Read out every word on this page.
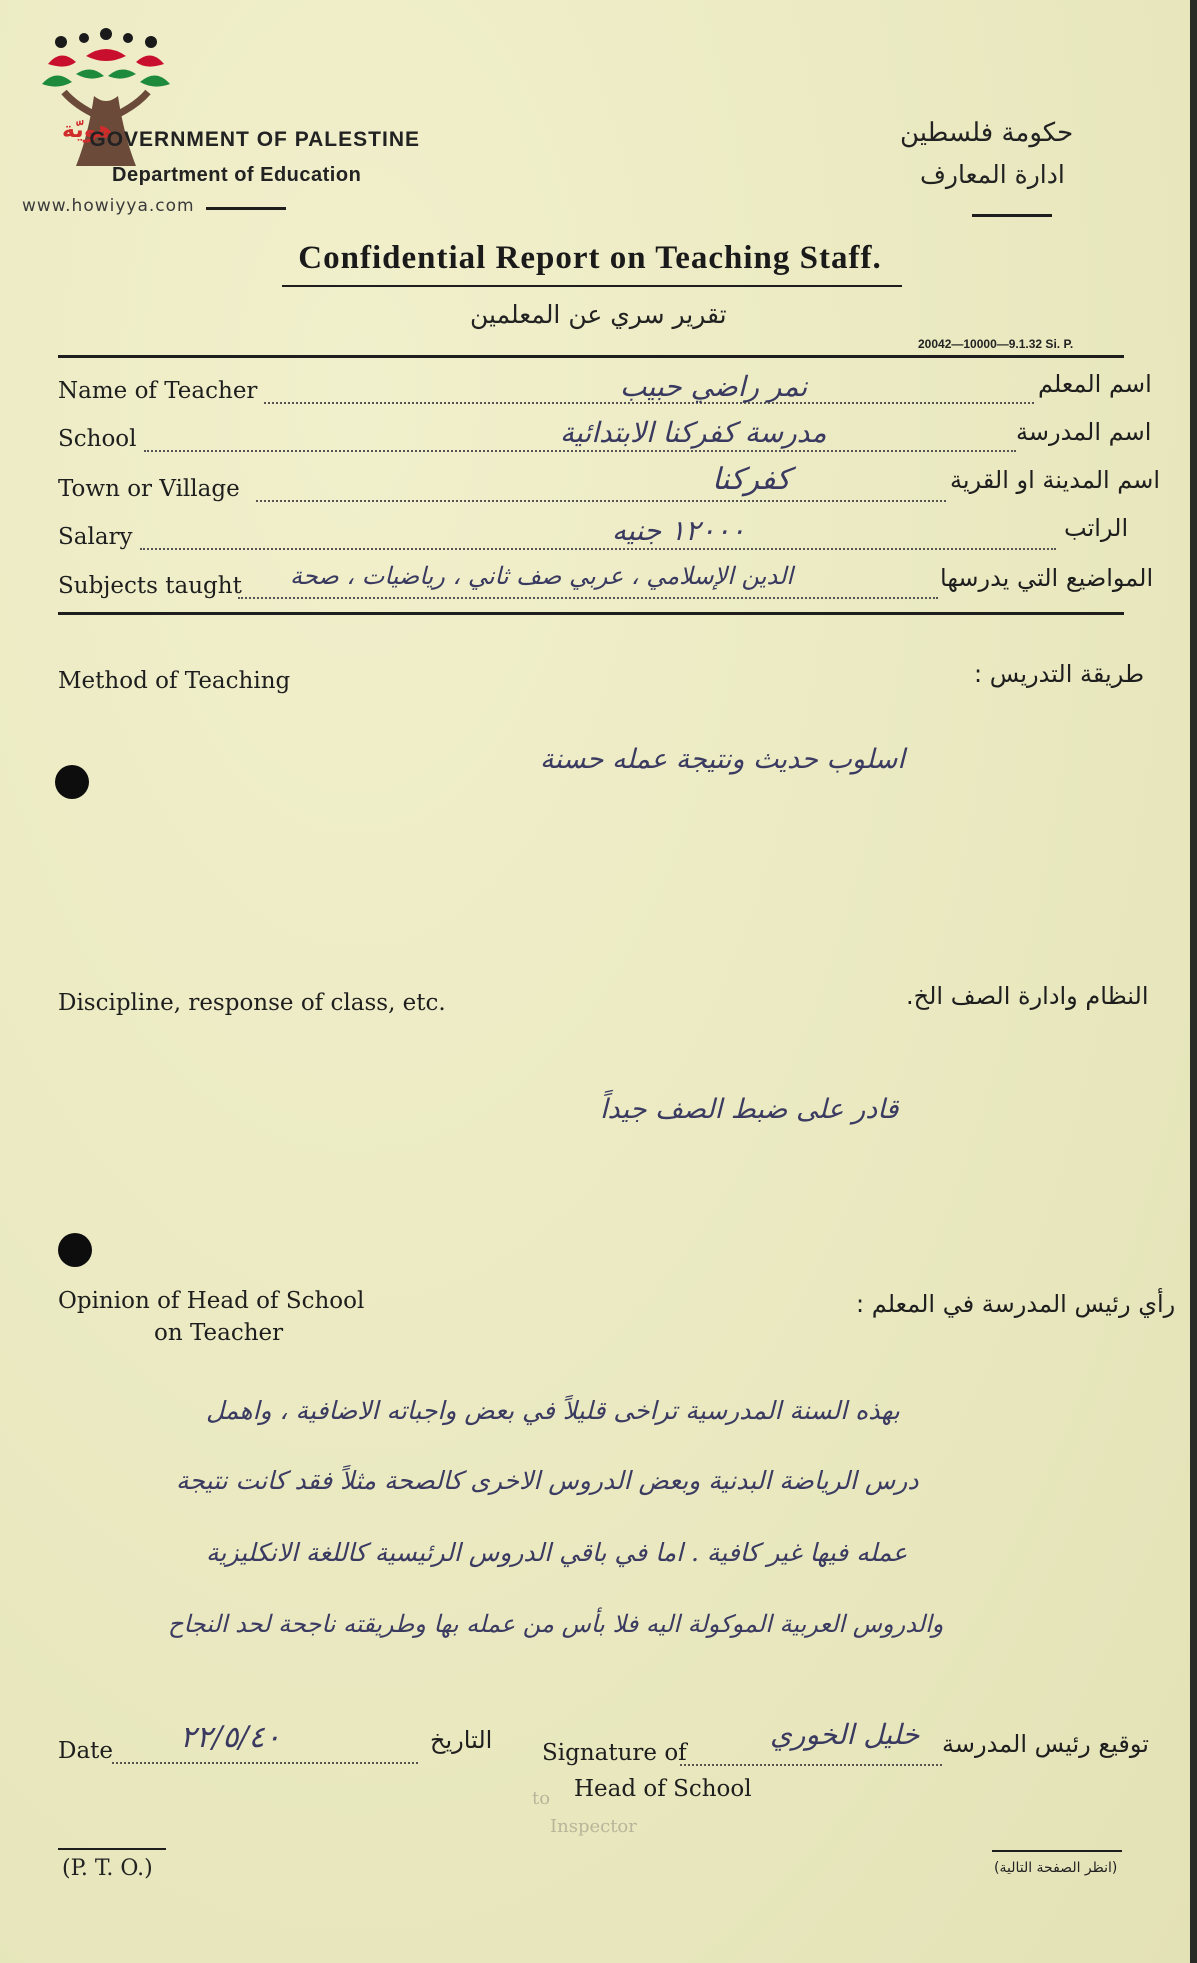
هويّة
www.howiyya.com
GOVERNMENT OF PALESTINE
Department of Education
حكومة فلسطين
ادارة المعارف
Confidential Report on Teaching Staff.
تقرير سري عن المعلمين
20042—10000—9.1.32 Si. P.
Name of Teacher	نمر راضي حبيب	اسم المعلم
School	مدرسة كفركنا الابتدائية	اسم المدرسة
Town or Village	كفركنا	اسم المدينة او القرية
Salary	١٢٠٠٠ جنيه	الراتب
Subjects taught الدين الإسلامي ، عربي صف ثاني ، رياضيات ، صحة	المواضيع التي يدرسها
Method of Teaching	طريقة التدريس :
اسلوب حديث ونتيجة عمله حسنة
Discipline, response of class, etc.	النظام وادارة الصف الخ.
قادر على ضبط الصف جيداً
Opinion of Head of School
on Teacher
رأي رئيس المدرسة في المعلم :
بهذه السنة المدرسية تراخى قليلاً في بعض واجباته الاضافية ، واهمل
درس الرياضة البدنية وبعض الدروس الاخرى كالصحة مثلاً فقد كانت نتيجة
عمله فيها غير كافية . اما في باقي الدروس الرئيسية كاللغة الانكليزية
والدروس العربية الموكولة اليه فلا بأس من عمله بها وطريقته ناجحة لحد النجاح
Date ٢٢/٥/٤٠	التاريخ Signature of
خليل الخوري
Head of School
توقيع رئيس المدرسة
to
Inspector
(P. T. O.)	(انظر الصفحة التالية)
